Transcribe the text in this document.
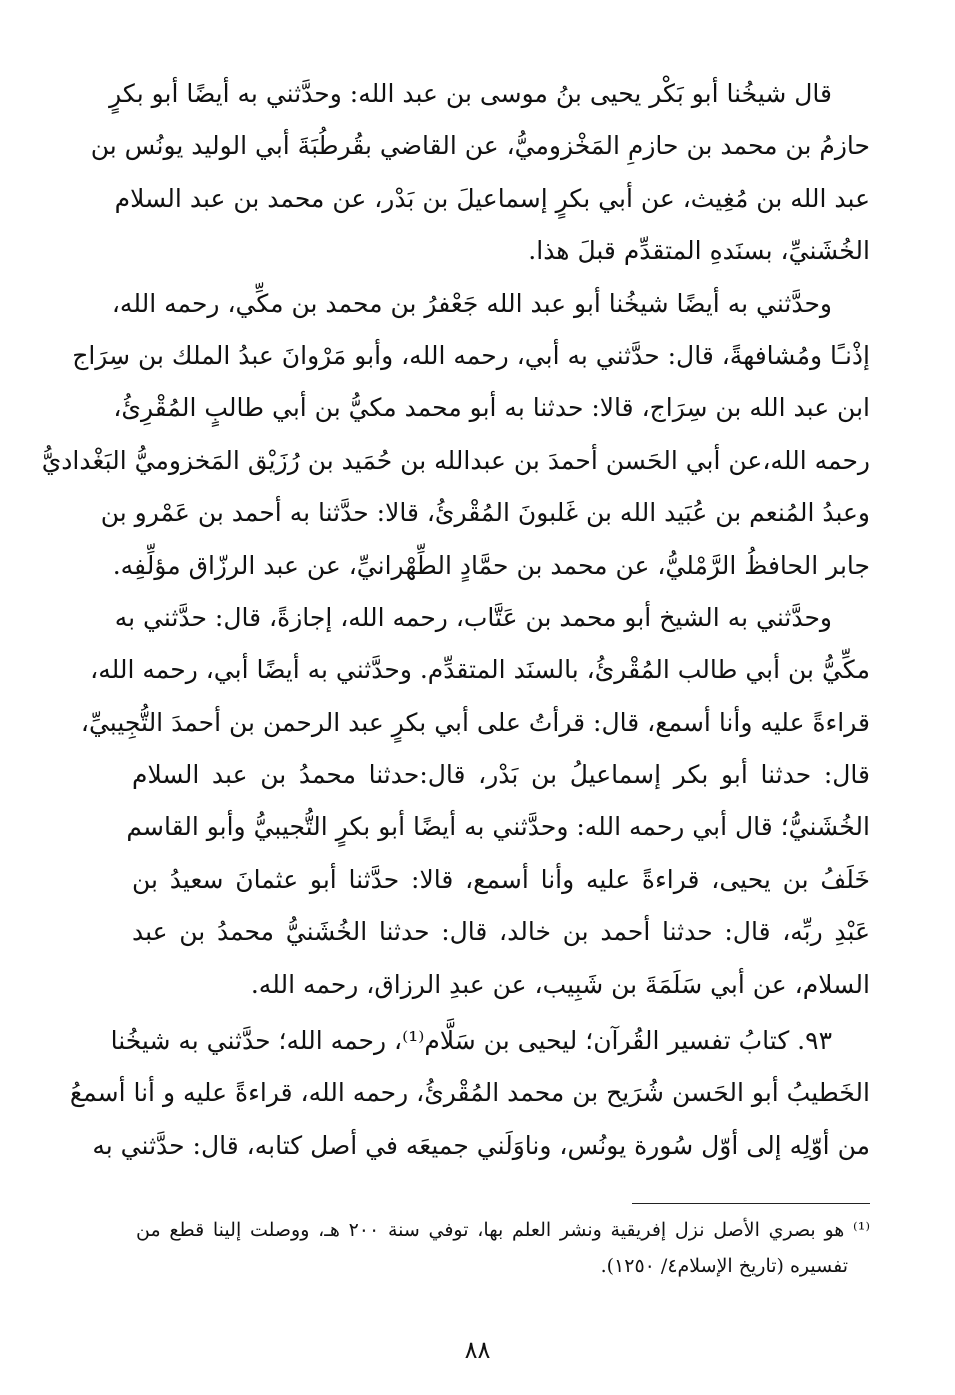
قال شيخُنا أبو بَكْر يحيى بنُ موسى بن عبد الله: وحدَّثني به أيضًا أبو بكرٍ
حازمُ بن محمد بن حازمِ المَخْزوميُّ، عن القاضي بقُرطُبَةَ أبي الوليد يونُس بن
عبد الله بن مُغِيث، عن أبي بكرٍ إسماعيلَ بن بَدْر، عن محمد بن عبد السلام
الخُشَنيِّ، بسنَدهِ المتقدِّم قبلَ هذا.
وحدَّثني به أيضًا شيخُنا أبو عبد الله جَعْفرُ بن محمد بن مكِّي، رحمه الله،
إذْنـًا ومُشافهةً، قال: حدَّثني به أبي، رحمه الله، وأبو مَرْوانَ عبدُ الملك بن سِرَاج
ابن عبد الله بن سِرَاج، قالا: حدثنا به أبو محمد مكيُّ بن أبي طالبٍ المُقْرِئُ،
رحمه الله،عن أبي الحَسن أحمدَ بن عبدالله بن حُمَيد بن رُزَيْق المَخزوميُّ البَغْداديُّ
وعبدُ المُنعم بن عُبَيد الله بن غَلبونَ المُقْرئُ، قالا: حدَّثنا به أحمد بن عَمْرو بن
جابر الحافظُ الرَّمْليُّ، عن محمد بن حمَّادٍ الطِّهْرانيِّ، عن عبد الرزّاق مؤلِّفِه.
وحدَّثني به الشيخ أبو محمد بن عَتَّاب، رحمه الله، إجازةً، قال: حدَّثني به
مكِّيُّ بن أبي طالب المُقْرئُ، بالسنَد المتقدِّم. وحدَّثني به أيضًا أبي، رحمه الله،
قراءةً عليه وأنا أسمع، قال: قرأتُ على أبي بكرٍ عبد الرحمن بن أحمدَ التُّجِيبيِّ،
قال: حدثنا أبو بكر إسماعيلُ بن بَدْر، قال:حدثنا محمدُ بن عبد السلام
الخُشَنيُّ؛ قال أبي رحمه الله: وحدَّثني به أيضًا أبو بكرٍ التُّجيبيُّ وأبو القاسم
خَلَفُ بن يحيى، قراءةً عليه وأنا أسمع، قالا: حدَّثنا أبو عثمانَ سعيدُ بن
عَبْدِ ربِّه، قال: حدثنا أحمد بن خالد، قال: حدثنا الخُشَنيُّ محمدُ بن عبد
السلام، عن أبي سَلَمَةَ بن شَبِيب، عن عبدِ الرزاق، رحمه الله.
٩٣. كتابُ تفسير القُرآن؛ ليحيى بن سَلَّام⁽¹⁾، رحمه الله؛ حدَّثني به شيخُنا
الخَطيبُ أبو الحَسن شُرَيح بن محمد المُقْرئُ، رحمه الله، قراءةً عليه و أنا أسمعُ
من أوّلِه إلى أوّل سُورة يونُس، وناوَلَني جميعَه في أصل كتابه، قال: حدَّثني به
⁽¹⁾ هو بصري الأصل نزل إفريقية ونشر العلم بها، توفي سنة ٢٠٠ هـ، ووصلت إلينا قطع من
تفسيره (تاريخ الإسلام٤/ ١٢٥٠).
٨٨
